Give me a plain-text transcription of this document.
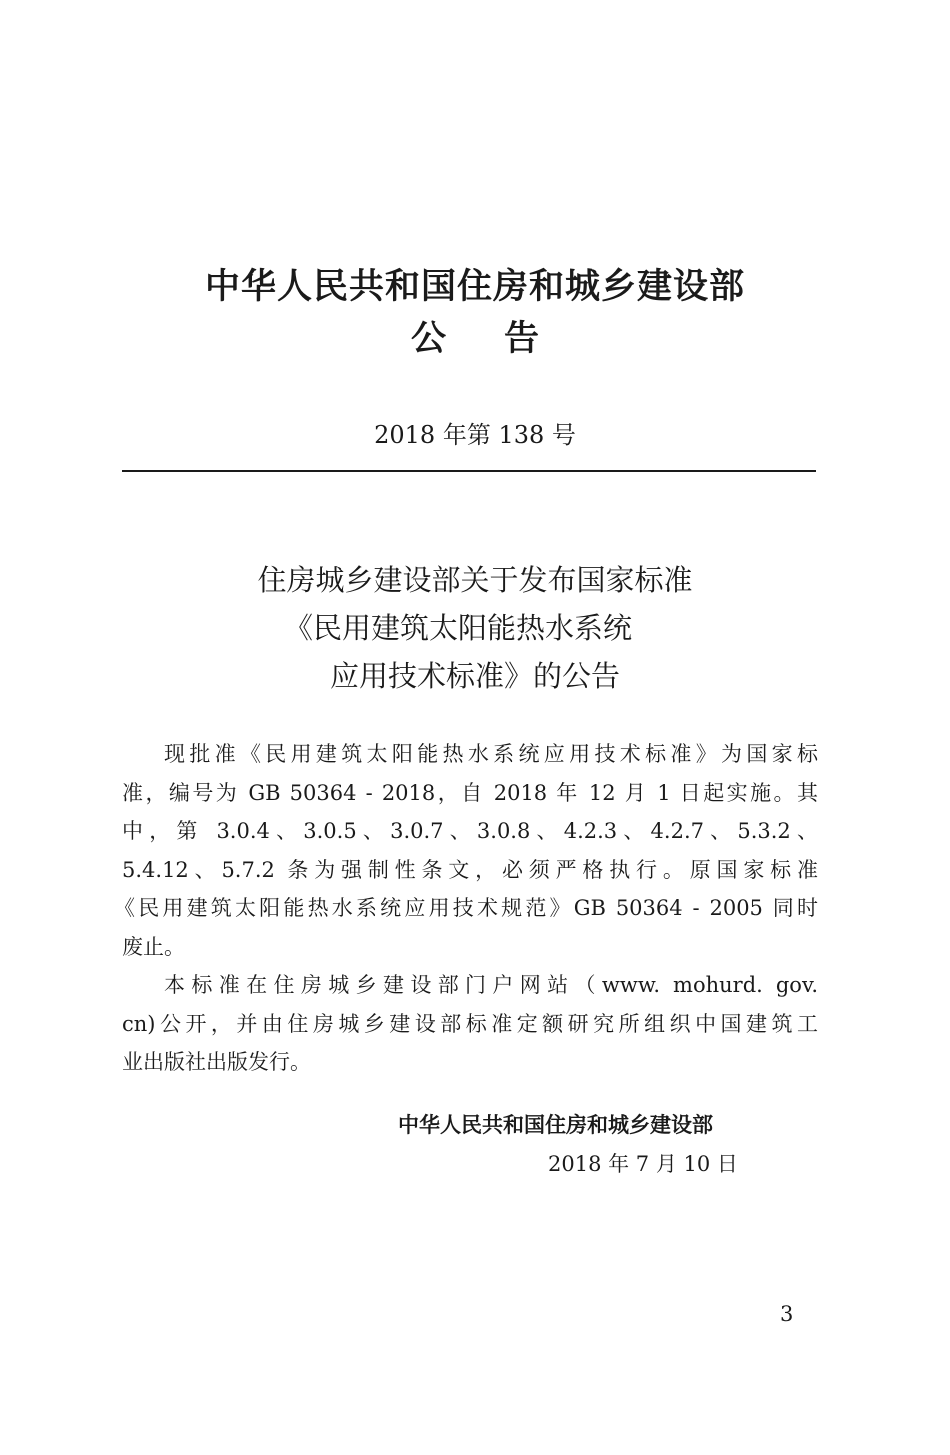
中华人民共和国住房和城乡建设部
公告
2018 年第 138 号
住房城乡建设部关于发布国家标准
《民用建筑太阳能热水系统
应用技术标准》的公告
现批准《民用建筑太阳能热水系统应用技术标准》为国家标
准，编号为 GB 50364 - 2018，自 2018 年 12 月 1 日起实施。其
中，第 3.0.4、3.0.5、3.0.7、3.0.8、4.2.3、4.2.7、5.3.2、
5.4.12、5.7.2 条为强制性条文，必须严格执行。原国家标准
《民用建筑太阳能热水系统应用技术规范》GB 50364 - 2005 同时
废止。
本标准在住房城乡建设部门户网站（www. mohurd. gov.
cn)公开，并由住房城乡建设部标准定额研究所组织中国建筑工
业出版社出版发行。
中华人民共和国住房和城乡建设部
2018 年 7 月 10 日
3
